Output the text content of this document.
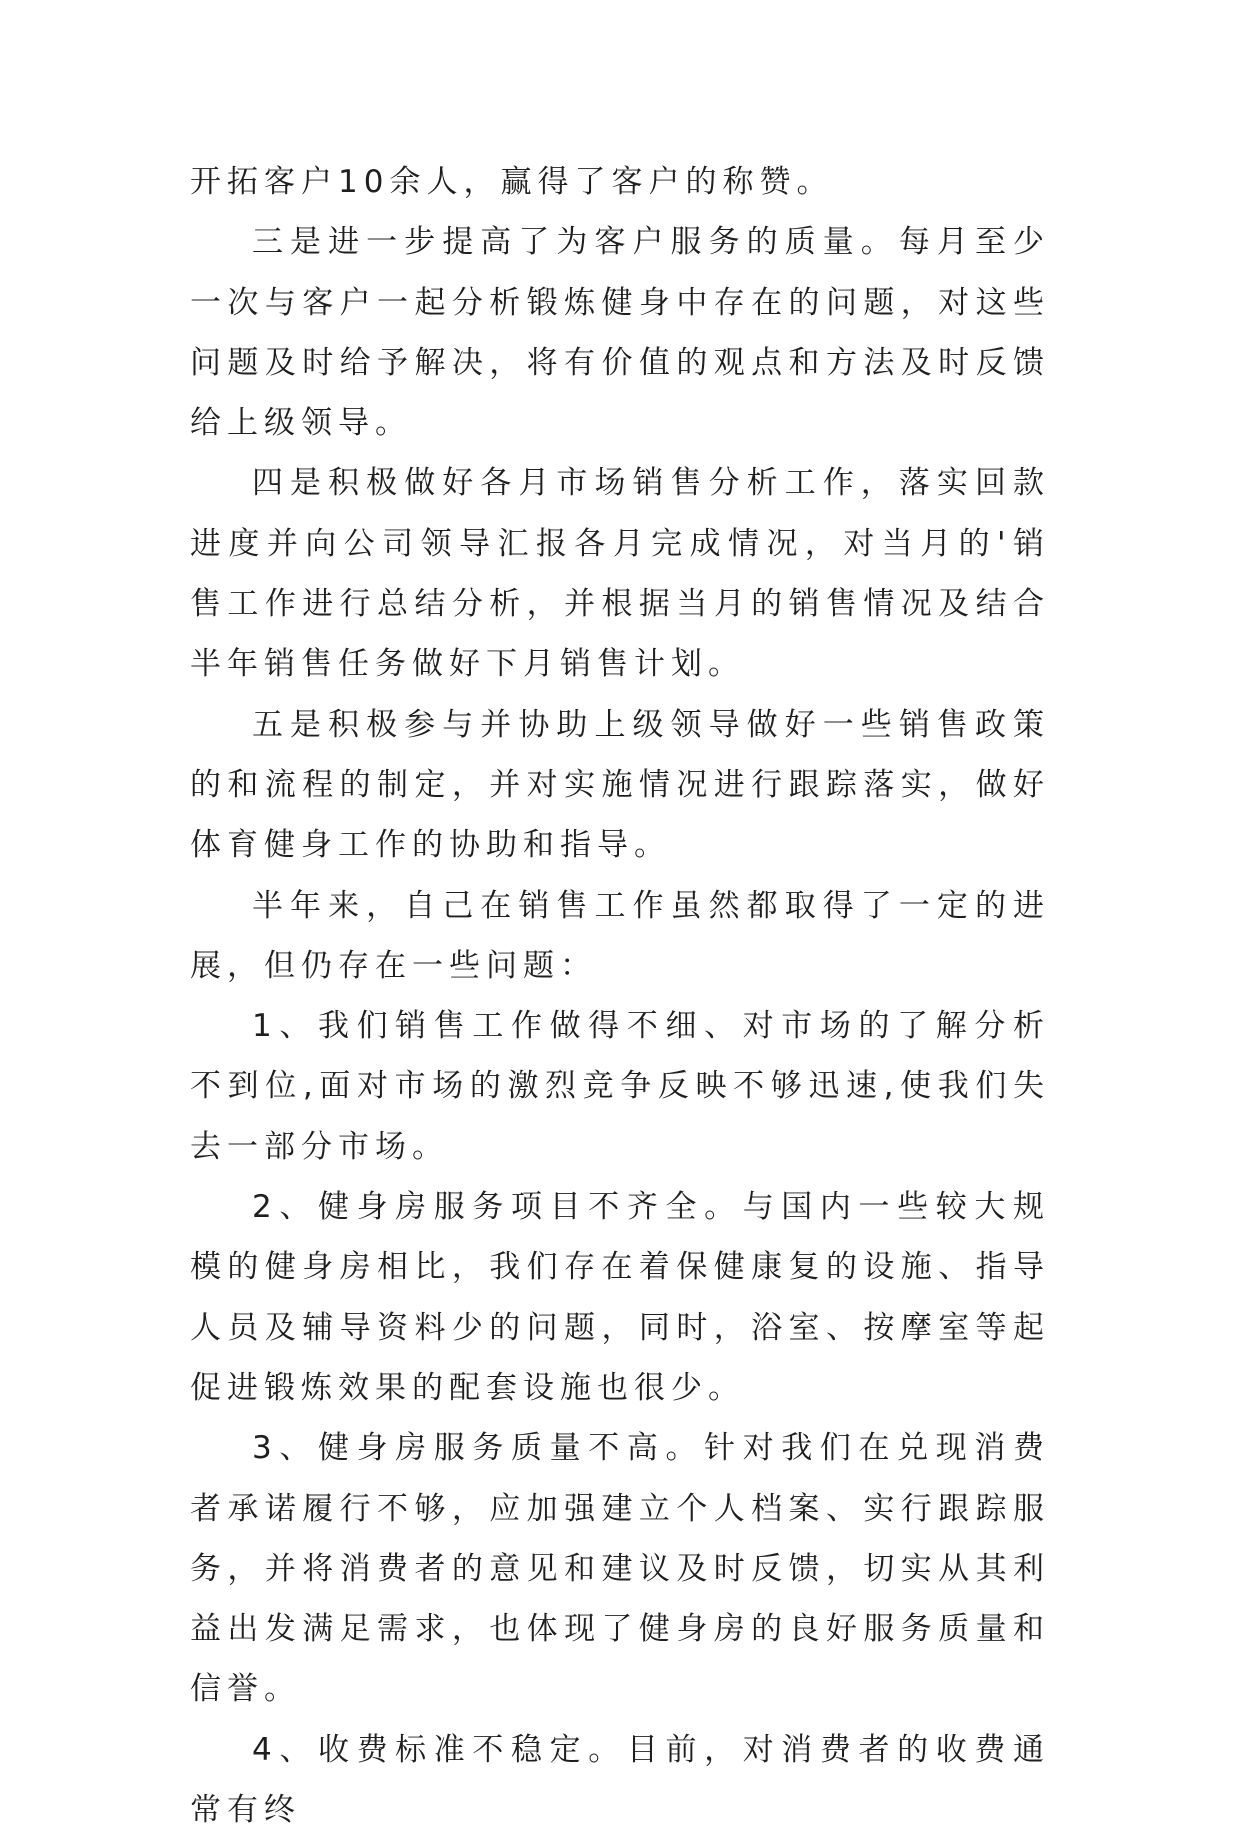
开拓客户10余人，赢得了客户的称赞。

三是进一步提高了为客户服务的质量。每月至少一次与客户一起分析锻炼健身中存在的问题，对这些问题及时给予解决，将有价值的观点和方法及时反馈给上级领导。

四是积极做好各月市场销售分析工作，落实回款进度并向公司领导汇报各月完成情况，对当月的'销售工作进行总结分析，并根据当月的销售情况及结合半年销售任务做好下月销售计划。

五是积极参与并协助上级领导做好一些销售政策的和流程的制定，并对实施情况进行跟踪落实，做好体育健身工作的协助和指导。

半年来，自己在销售工作虽然都取得了一定的进展，但仍存在一些问题：

1、我们销售工作做得不细、对市场的了解分析不到位,面对市场的激烈竞争反映不够迅速,使我们失去一部分市场。

2、健身房服务项目不齐全。与国内一些较大规模的健身房相比，我们存在着保健康复的设施、指导人员及辅导资料少的问题，同时，浴室、按摩室等起促进锻炼效果的配套设施也很少。

3、健身房服务质量不高。针对我们在兑现消费者承诺履行不够，应加强建立个人档案、实行跟踪服务，并将消费者的意见和建议及时反馈，切实从其利益出发满足需求，也体现了健身房的良好服务质量和信誉。

4、收费标准不稳定。目前，对消费者的收费通常有终
